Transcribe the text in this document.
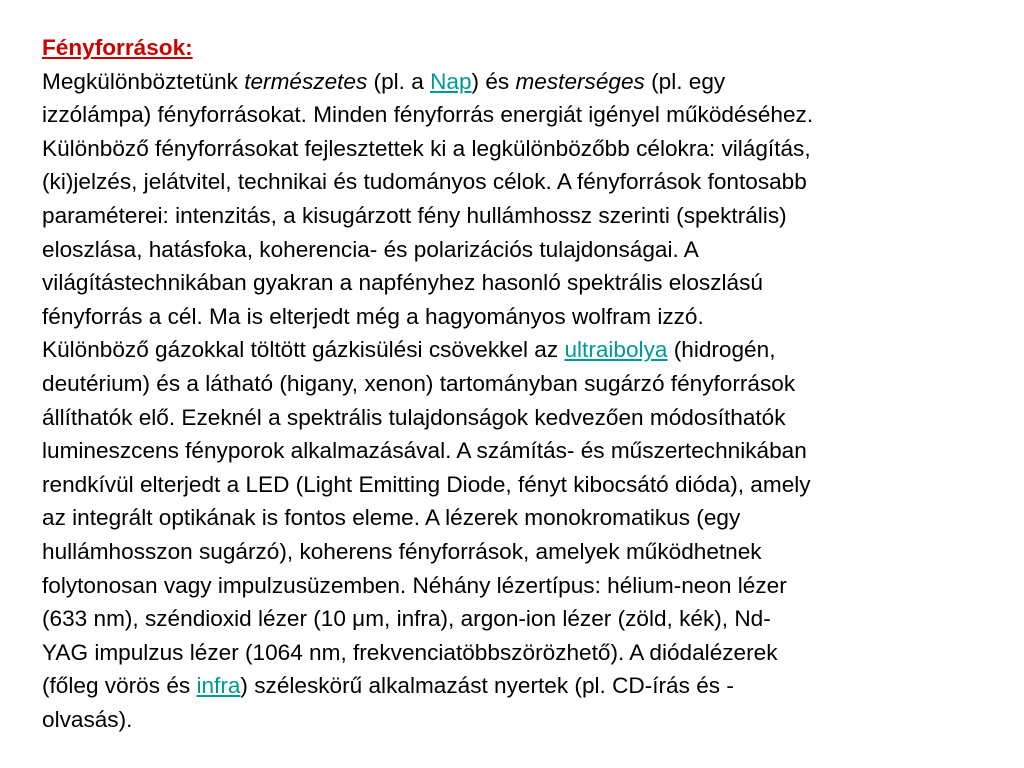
Fényforrások:
Megkülönböztetünk természetes (pl. a Nap) és mesterséges (pl. egy
izzólámpa) fényforrásokat. Minden fényforrás energiát igényel működéséhez.
Különböző fényforrásokat fejlesztettek ki a legkülönbözőbb célokra: világítás,
(ki)jelzés, jelátvitel, technikai és tudományos célok. A fényforrások fontosabb
paraméterei: intenzitás, a kisugárzott fény hullámhossz szerinti (spektrális)
eloszlása, hatásfoka, koherencia- és polarizációs tulajdonságai. A
világítástechnikában gyakran a napfényhez hasonló spektrális eloszlású
fényforrás a cél. Ma is elterjedt még a hagyományos wolfram izzó.
Különböző gázokkal töltött gázkisülési csövekkel az ultraibolya (hidrogén,
deutérium) és a látható (higany, xenon) tartományban sugárzó fényforrások
állíthatók elő. Ezeknél a spektrális tulajdonságok kedvezően módosíthatók
lumineszcens fényporok alkalmazásával. A számítás- és műszertechnikában
rendkívül elterjedt a LED (Light Emitting Diode, fényt kibocsátó dióda), amely
az integrált optikának is fontos eleme. A lézerek monokromatikus (egy
hullámhosszon sugárzó), koherens fényforrások, amelyek működhetnek
folytonosan vagy impulzusüzemben. Néhány lézertípus: hélium-neon lézer
(633 nm), széndioxid lézer (10 μm, infra), argon-ion lézer (zöld, kék), Nd-
YAG impulzus lézer (1064 nm, frekvenciatöbbszörözhető). A diódalézerek
(főleg vörös és infra) széleskörű alkalmazást nyertek (pl. CD-írás és -
olvasás).
